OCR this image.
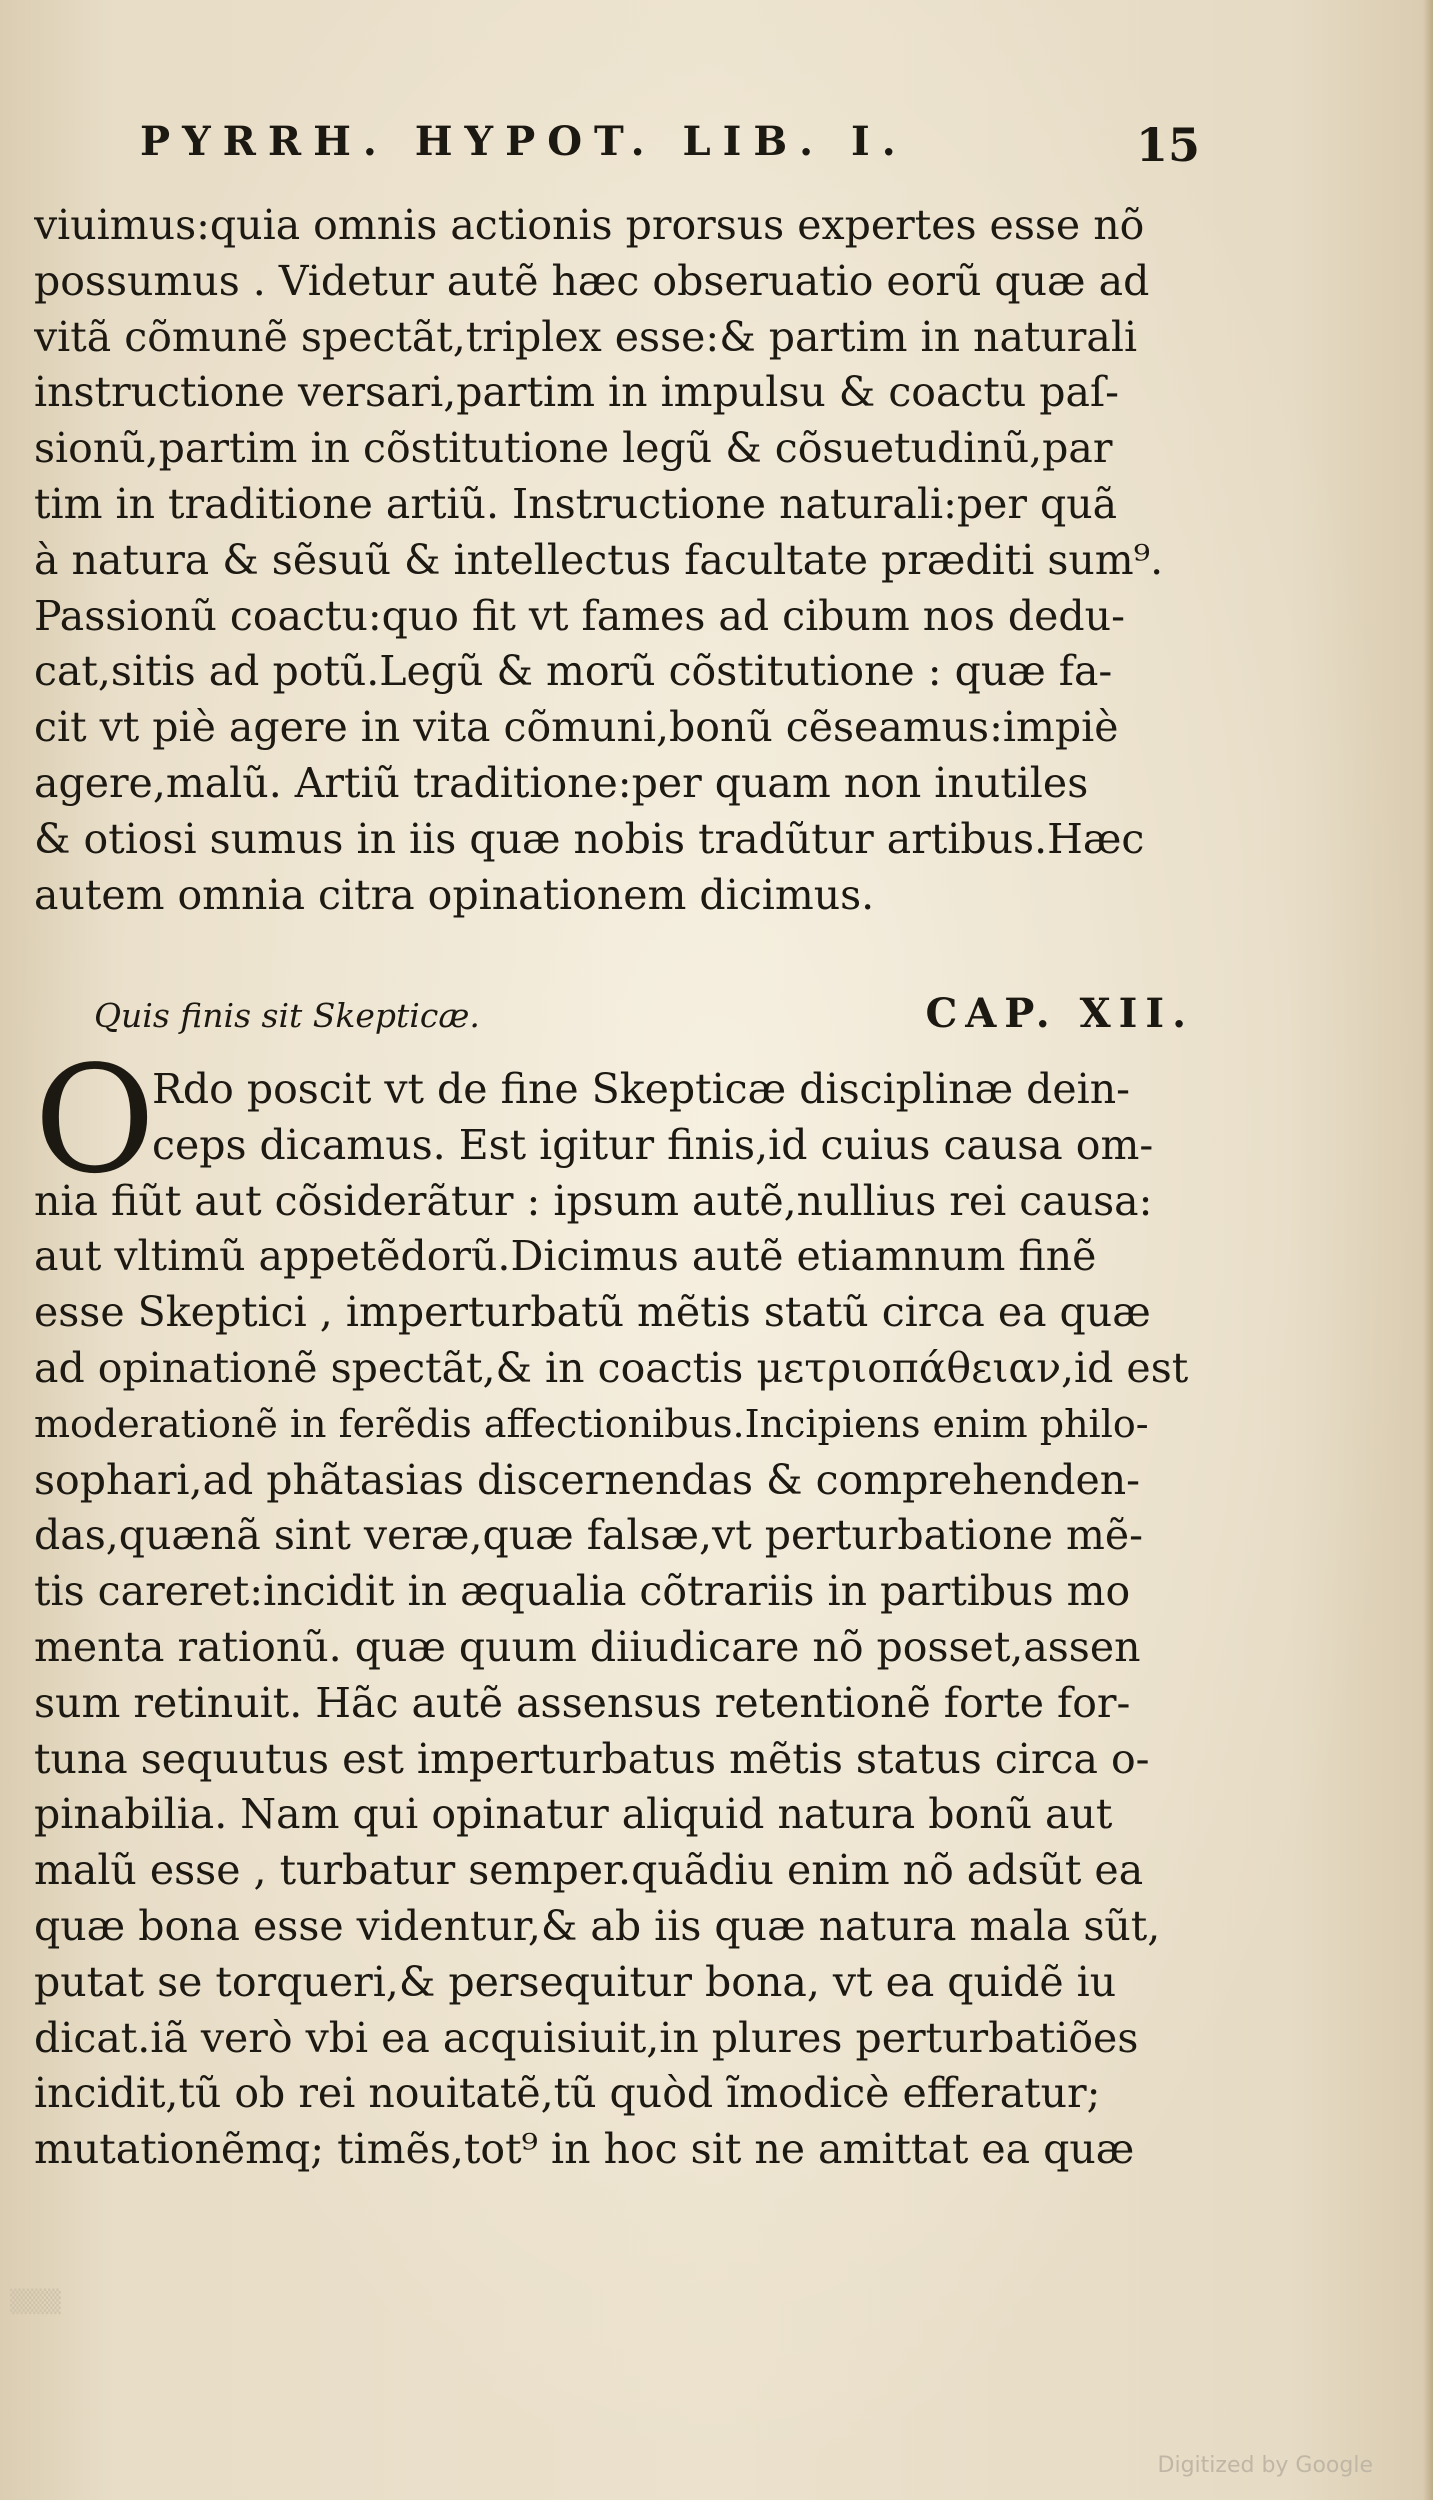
PYRRH. HYPOT. LIB. I.	15
viuimus:quia omnis actionis prorsus expertes esse nõ
possumus . Videtur autẽ hæc obseruatio eorũ quæ ad
vitã cõmunẽ spectãt,triplex esse:& partim in naturali
instructione versari,partim in impulsu & coactu paſ-
sionũ,partim in cõstitutione legũ & cõsuetudinũ,par
tim in traditione artiũ. Instructione naturali:per quã
à natura & sẽsuũ & intellectus facultate præditi sum⁹.
Passionũ coactu:quo fit vt fames ad cibum nos dedu-
cat,sitis ad potũ.Legũ & morũ cõstitutione : quæ fa-
cit vt piè agere in vita cõmuni,bonũ cẽseamus:impiè
agere,malũ. Artiũ traditione:per quam non inutiles
& otiosi sumus in iis quæ nobis tradũtur artibus.Hæc
autem omnia citra opinationem dicimus.
Quis finis sit Skepticæ.	CAP. XII.
O
Rdo poscit vt de fine Skepticæ disciplinæ dein-
ceps dicamus. Est igitur finis,id cuius causa om-
nia fiũt aut cõsiderãtur : ipsum autẽ,nullius rei causa:
aut vltimũ appetẽdorũ.Dicimus autẽ etiamnum finẽ
esse Skeptici , imperturbatũ mẽtis statũ circa ea quæ
ad opinationẽ spectãt,& in coactis μετριοπάθειαν,id est
moderationẽ in ferẽdis affectionibus.Incipiens enim philo-
sophari,ad phãtasias discernendas & comprehenden-
das,quænã sint veræ,quæ falsæ,vt perturbatione mẽ-
tis careret:incidit in æqualia cõtrariis in partibus mo
menta rationũ. quæ quum diiudicare nõ posset,assen
sum retinuit. Hãc autẽ assensus retentionẽ forte for-
tuna sequutus est imperturbatus mẽtis status circa o-
pinabilia. Nam qui opinatur aliquid natura bonũ aut
malũ esse , turbatur semper.quãdiu enim nõ adsũt ea
quæ bona esse videntur,& ab iis quæ natura mala sũt,
putat se torqueri,& persequitur bona, vt ea quidẽ iu
dicat.iã verò vbi ea acquisiuit,in plures perturbatiões
incidit,tũ ob rei nouitatẽ,tũ quòd ĩmodicè efferatur;
mutationẽmq; timẽs,tot⁹ in hoc sit ne amittat ea quæ
▒▒▒
Digitized by Google
